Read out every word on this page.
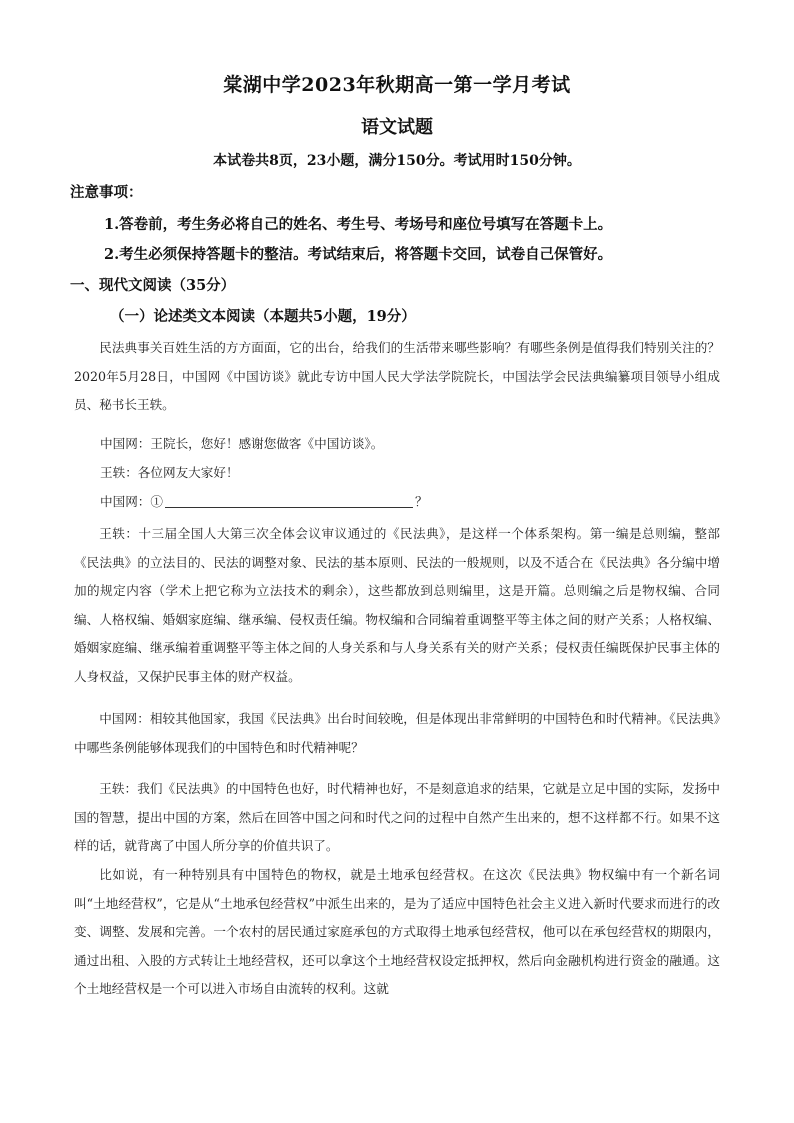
棠湖中学2023年秋期高一第一学月考试
语文试题
本试卷共8页，23小题，满分150分。考试用时150分钟。
注意事项：
1.答卷前，考生务必将自己的姓名、考生号、考场号和座位号填写在答题卡上。
2.考生必须保持答题卡的整洁。考试结束后，将答题卡交回，试卷自己保管好。
一、现代文阅读（35分）
（一）论述类文本阅读（本题共5小题，19分）

民法典事关百姓生活的方方面面，它的出台，给我们的生活带来哪些影响？有哪些条例是值得我们特别关注的？2020年5月28日，中国网《中国访谈》就此专访中国人民大学法学院院长，中国法学会民法典编纂项目领导小组成员、秘书长王轶。

中国网：王院长，您好！感谢您做客《中国访谈》。
王轶：各位网友大家好！
中国网：①	？

王轶：十三届全国人大第三次全体会议审议通过的《民法典》，是这样一个体系架构。第一编是总则编，整部《民法典》的立法目的、民法的调整对象、民法的基本原则、民法的一般规则，以及不适合在《民法典》各分编中增加的规定内容（学术上把它称为立法技术的剩余），这些都放到总则编里，这是开篇。总则编之后是物权编、合同编、人格权编、婚姻家庭编、继承编、侵权责任编。物权编和合同编着重调整平等主体之间的财产关系；人格权编、婚姻家庭编、继承编着重调整平等主体之间的人身关系和与人身关系有关的财产关系；侵权责任编既保护民事主体的人身权益，又保护民事主体的财产权益。

中国网：相较其他国家，我国《民法典》出台时间较晚，但是体现出非常鲜明的中国特色和时代精神。《民法典》中哪些条例能够体现我们的中国特色和时代精神呢？

王轶：我们《民法典》的中国特色也好，时代精神也好，不是刻意追求的结果，它就是立足中国的实际，发扬中国的智慧，提出中国的方案，然后在回答中国之问和时代之问的过程中自然产生出来的，想不这样都不行。如果不这样的话，就背离了中国人所分享的价值共识了。

比如说，有一种特别具有中国特色的物权，就是土地承包经营权。在这次《民法典》物权编中有一个新名词叫“土地经营权”，它是从“土地承包经营权”中派生出来的，是为了适应中国特色社会主义进入新时代要求而进行的改变、调整、发展和完善。一个农村的居民通过家庭承包的方式取得土地承包经营权，他可以在承包经营权的期限内，通过出租、入股的方式转让土地经营权，还可以拿这个土地经营权设定抵押权，然后向金融机构进行资金的融通。这个土地经营权是一个可以进入市场自由流转的权利。这就
